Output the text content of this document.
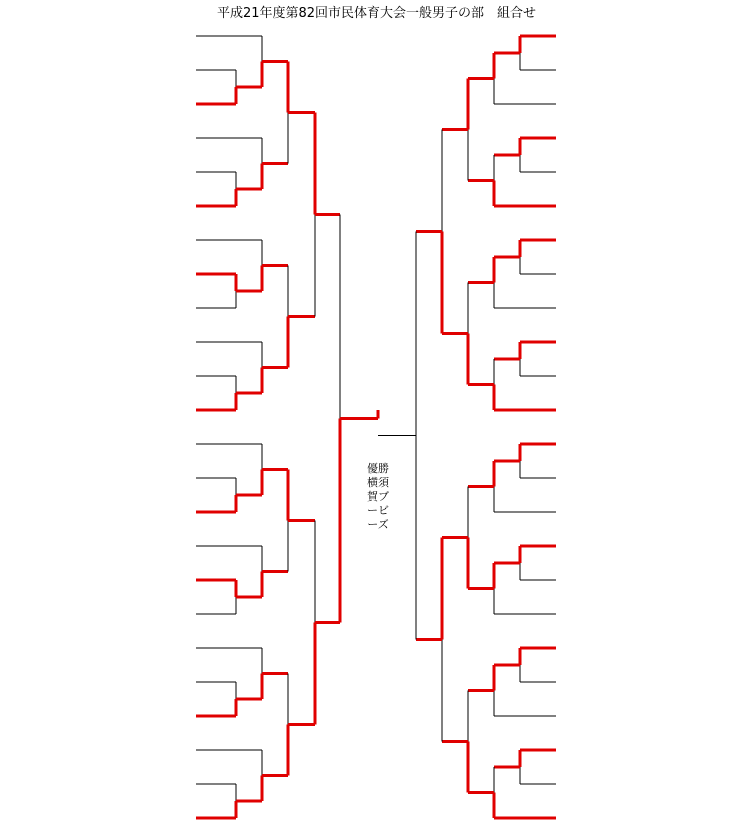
平成21年度第82回市民体育大会一般男子の部　組合せ
優勝　横須賀ブービーズ
